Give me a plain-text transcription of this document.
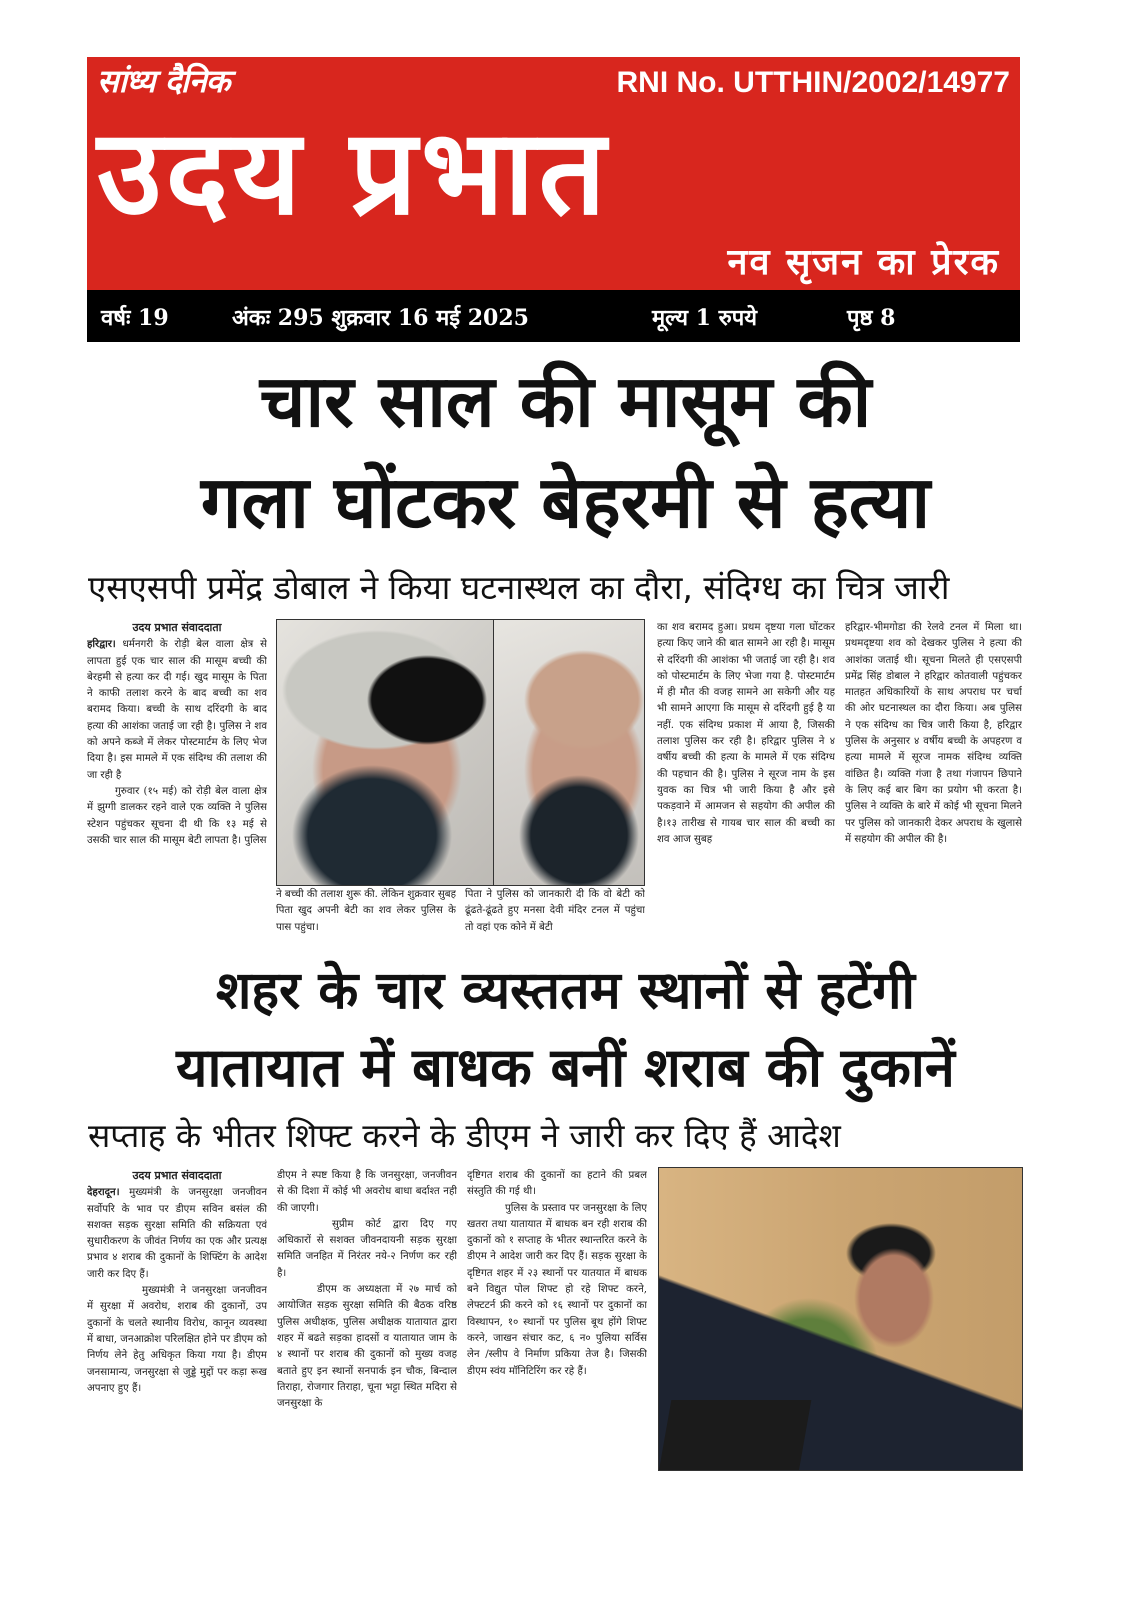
सांध्य दैनिक	RNI No. UTTHIN/2002/14977
उदय प्रभात
नव सृजन का प्रेरक
वर्षः 19	अंकः 295 शुक्रवार 16 मई 2025	मूल्य 1 रुपये	पृष्ठ 8
चार साल की मासूम की
गला घोंटकर बेहरमी से हत्या
एसएसपी प्रमेंद्र डोबाल ने किया घटनास्थल का दौरा, संदिग्ध का चित्र जारी

उदय प्रभात संवाददाता

हरिद्वार। धर्मनगरी के रोड़ी बेल वाला क्षेत्र से लापता हुई एक चार साल की मासूम बच्ची की बेरहमी से हत्या कर दी गई। खुद मासूम के पिता ने काफी तलाश करने के बाद बच्ची का शव बरामद किया। बच्ची के साथ दरिंदगी के बाद हत्या की आशंका जताई जा रही है। पुलिस ने शव को अपने कब्जे में लेकर पोस्टमार्टम के लिए भेज दिया है। इस मामले में एक संदिग्ध की तलाश की जा रही है

गुरुवार (१५ मई) को रोड़ी बेल वाला क्षेत्र में झुग्गी डालकर रहने वाले एक व्यक्ति ने पुलिस स्टेशन पहुंचकर सूचना दी थी कि १३ मई से उसकी चार साल की मासूम बेटी लापता है। पुलिस

ने बच्ची की तलाश शुरू की. लेकिन शुक्रवार सुबह पिता खुद अपनी बेटी का शव लेकर पुलिस के पास पहुंचा।

पिता ने पुलिस को जानकारी दी कि वो बेटी को ढूंढते-ढूंढते हुए मनसा देवी मंदिर टनल में पहुंचा तो वहां एक कोने में बेटी

का शव बरामद हुआ। प्रथम दृष्टया गला घोंटकर हत्या किए जाने की बात सामने आ रही है। मासूम से दरिंदगी की आशंका भी जताई जा रही है। शव को पोस्टमार्टम के लिए भेजा गया है. पोस्टमार्टम में ही मौत की वजह सामने आ सकेगी और यह भी सामने आएगा कि मासूम से दरिंदगी हुई है या नहीं. एक संदिग्ध प्रकाश में आया है, जिसकी तलाश पुलिस कर रही है। हरिद्वार पुलिस ने ४ वर्षीय बच्ची की हत्या के मामले में एक संदिग्ध की पहचान की है। पुलिस ने सूरज नाम के इस युवक का चित्र भी जारी किया है और इसे पकड़वाने में आमजन से सहयोग की अपील की है।१३ तारीख से गायब चार साल की बच्ची का शव आज सुबह

हरिद्वार-भीमगोडा की रेलवे टनल में मिला था। प्रथमदृष्टया शव को देखकर पुलिस ने हत्या की आशंका जताई थी। सूचना मिलते ही एसएसपी प्रमेंद्र सिंह डोबाल ने हरिद्वार कोतवाली पहुंचकर मातहत अधिकारियों के साथ अपराध पर चर्चा की ओर घटनास्थल का दौरा किया। अब पुलिस ने एक संदिग्ध का चित्र जारी किया है, हरिद्वार पुलिस के अनुसार ४ वर्षीय बच्ची के अपहरण व हत्या मामले में सूरज नामक संदिग्ध व्यक्ति वांछित है। व्यक्ति गंजा है तथा गंजापन छिपाने के लिए कई बार बिग का प्रयोग भी करता है। पुलिस ने व्यक्ति के बारे में कोई भी सूचना मिलने पर पुलिस को जानकारी देकर अपराध के खुलासे में सहयोग की अपील की है।

शहर के चार व्यस्ततम स्थानों से हटेंगी
यातायात में बाधक बनीं शराब की दुकानें
सप्ताह के भीतर शिफ्ट करने के डीएम ने जारी कर दिए हैं आदेश

उदय प्रभात संवाददाता

देहरादून। मुख्यमंत्री के जनसुरक्षा जनजीवन सर्वोपरि के भाव पर डीएम सविन बसंल की सशक्त सड़क सुरक्षा समिति की सक्रियता एवं सुधारीकरण के जीवंत निर्णय का एक और प्रत्यक्ष प्रभाव ४ शराब की दुकानों के शिफ्टिंग के आदेश जारी कर दिए हैं।

मुख्यमंत्री ने जनसुरक्षा जनजीवन में सुरक्षा में अवरोध, शराब की दुकानों, उप दुकानों के चलते स्थानीय विरोध, कानून व्यवस्था में बाधा, जनआक्रोश परिलक्षित होने पर डीएम को निर्णय लेने हेतु अधिकृत किया गया है। डीएम जनसामान्य, जनसुरक्षा से जुड्डे मुद्दों पर कड़ा रूख अपनाए हुए हैं।

डीएम ने स्पष्ट किया है कि जनसुरक्षा, जनजीवन से की दिशा में कोई भी अवरोध बाधा बर्दाश्त नही की जाएगी।

सुप्रीम कोर्ट द्वारा दिए गए अधिकारों से सशक्त जीवनदायनी सड़क सुरक्षा समिति जनहित में निरंतर नये-२ निर्णण कर रही है।

डीएम क अध्यक्षता में २७ मार्च को आयोजित सड़क सुरक्षा समिति की बैठक वरिष्ठ पुलिस अधीक्षक, पुलिस अधीक्षक यातायात द्वारा शहर में बढते सड़का हादसों व यातायात जाम के ४ स्थानों पर शराब की दुकानों को मुख्य वजह बताते हुए इन स्थानों सनपार्क इन चौक, बिन्दाल तिराहा, रोजगार तिराहा, चूना भट्टा स्थित मदिरा से जनसुरक्षा के

दृष्टिगत शराब की दुकानों का हटाने की प्रबल संस्तुति की गई थी।

पुलिस के प्रस्ताव पर जनसुरक्षा के लिए खतरा तथा यातायात में बाधक बन रही शराब की दुकानों को १ सप्ताह के भीतर स्थान्तरित करने के डीएम ने आदेश जारी कर दिए हैं। सड़क सुरक्षा के दृष्टिगत शहर में २३ स्थानों पर यातयात में बाधक बने विद्युत पोल शिफ्ट हो रहे शिफ्ट करने, लेफ्टटर्न फ्री करने को १६ स्थानों पर दुकानों का विस्थापन, १० स्थानों पर पुलिस बूथ होंगे शिफ्ट करने, जाखन संचार कट, ६ न० पुलिया सर्विस लेन /स्लीप वे निर्माण प्रकिया तेज है। जिसकी डीएम स्वंय मॉनिटिरिंग कर रहे हैं।
